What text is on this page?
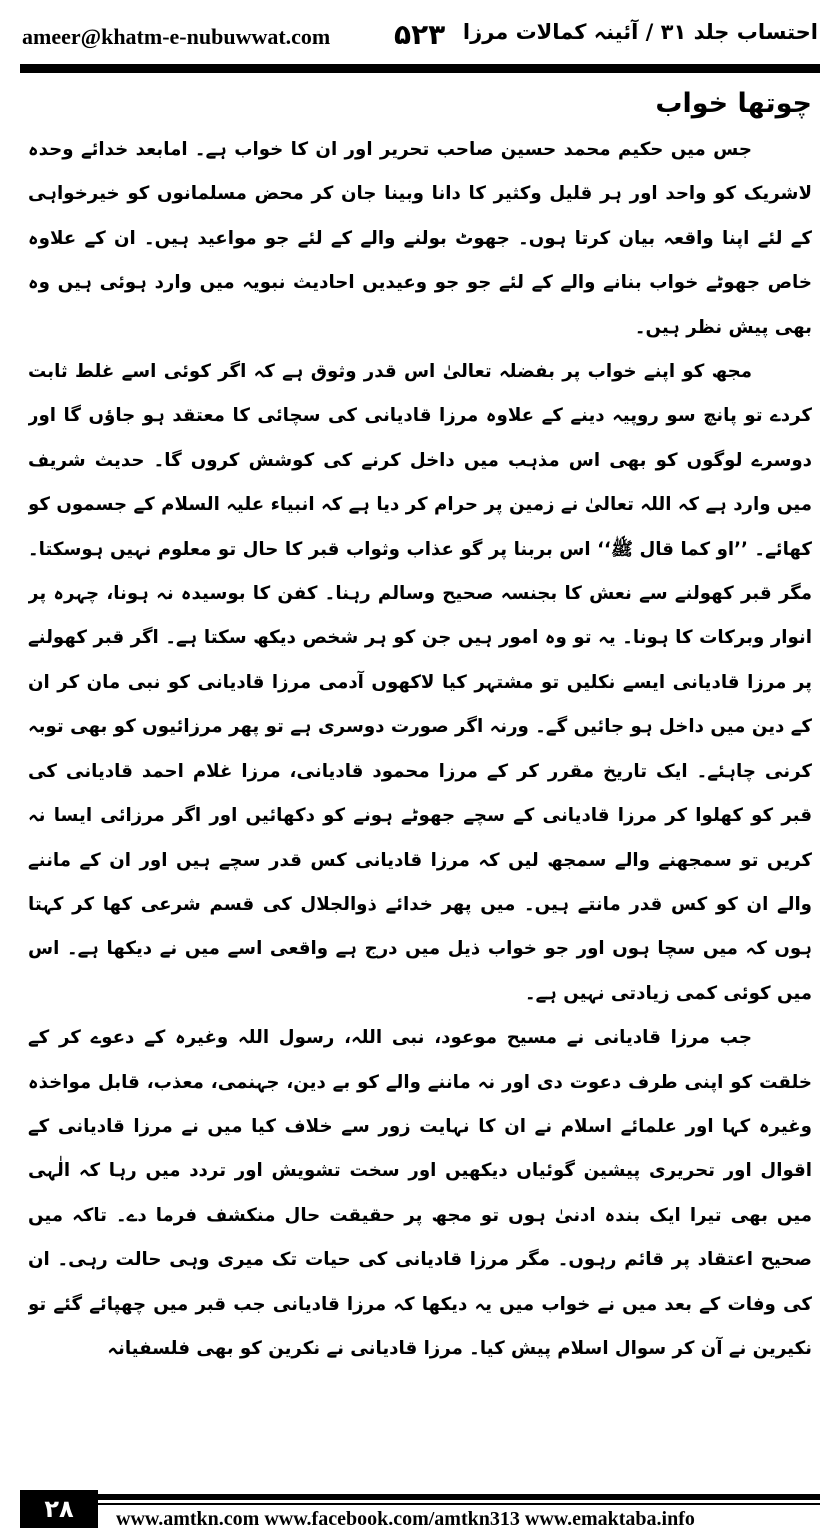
ameer@khatm-e-nubuwwat.com ۵۲۳ احتساب جلد ۳۱ / آئینہ کمالات مرزا

چوتھا خواب

جس میں حکیم محمد حسین صاحب تحریر اور ان کا خواب ہے۔ امابعد خدائے وحدہ لاشریک کو واحد اور ہر قلیل وکثیر کا دانا وبینا جان کر محض مسلمانوں کو خیرخواہی کے لئے اپنا واقعہ بیان کرتا ہوں۔ جھوٹ بولنے والے کے لئے جو مواعید ہیں۔ ان کے علاوہ خاص جھوٹے خواب بنانے والے کے لئے جو جو وعیدیں احادیث نبویہ میں وارد ہوئی ہیں وہ بھی پیش نظر ہیں۔

مجھ کو اپنے خواب پر بفضلہ تعالیٰ اس قدر وثوق ہے کہ اگر کوئی اسے غلط ثابت کردے تو پانچ سو روپیہ دینے کے علاوہ مرزا قادیانی کی سچائی کا معتقد ہو جاؤں گا اور دوسرے لوگوں کو بھی اس مذہب میں داخل کرنے کی کوشش کروں گا۔ حدیث شریف میں وارد ہے کہ اللہ تعالیٰ نے زمین پر حرام کر دیا ہے کہ انبیاء علیہ السلام کے جسموں کو کھائے۔ ’’او کما قال ﷺ‘‘ اس بربنا پر گو عذاب وثواب قبر کا حال تو معلوم نہیں ہوسکتا۔ مگر قبر کھولنے سے نعش کا بجنسہ صحیح وسالم رہنا۔ کفن کا بوسیدہ نہ ہونا، چہرہ پر انوار وبرکات کا ہونا۔ یہ تو وہ امور ہیں جن کو ہر شخص دیکھ سکتا ہے۔ اگر قبر کھولنے پر مرزا قادیانی ایسے نکلیں تو مشتہر کیا لاکھوں آدمی مرزا قادیانی کو نبی مان کر ان کے دین میں داخل ہو جائیں گے۔ ورنہ اگر صورت دوسری ہے تو پھر مرزائیوں کو بھی توبہ کرنی چاہئے۔ ایک تاریخ مقرر کر کے مرزا محمود قادیانی، مرزا غلام احمد قادیانی کی قبر کو کھلوا کر مرزا قادیانی کے سچے جھوٹے ہونے کو دکھائیں اور اگر مرزائی ایسا نہ کریں تو سمجھنے والے سمجھ لیں کہ مرزا قادیانی کس قدر سچے ہیں اور ان کے ماننے والے ان کو کس قدر مانتے ہیں۔ میں پھر خدائے ذوالجلال کی قسم شرعی کھا کر کہتا ہوں کہ میں سچا ہوں اور جو خواب ذیل میں درج ہے واقعی اسے میں نے دیکھا ہے۔ اس میں کوئی کمی زیادتی نہیں ہے۔

جب مرزا قادیانی نے مسیح موعود، نبی اللہ، رسول اللہ وغیرہ کے دعوے کر کے خلقت کو اپنی طرف دعوت دی اور نہ ماننے والے کو بے دین، جہنمی، معذب، قابل مواخذہ وغیرہ کہا اور علمائے اسلام نے ان کا نہایت زور سے خلاف کیا میں نے مرزا قادیانی کے اقوال اور تحریری پیشین گوئیاں دیکھیں اور سخت تشویش اور تردد میں رہا کہ الٰہی میں بھی تیرا ایک بندہ ادنیٰ ہوں تو مجھ پر حقیقت حال منکشف فرما دے۔ تاکہ میں صحیح اعتقاد پر قائم رہوں۔ مگر مرزا قادیانی کی حیات تک میری وہی حالت رہی۔ ان کی وفات کے بعد میں نے خواب میں یہ دیکھا کہ مرزا قادیانی جب قبر میں چھپائے گئے تو نکیرین نے آن کر سوال اسلام پیش کیا۔ مرزا قادیانی نے نکرین کو بھی فلسفیانہ

۲۸	www.amtkn.com www.facebook.com/amtkn313 www.emaktaba.info
